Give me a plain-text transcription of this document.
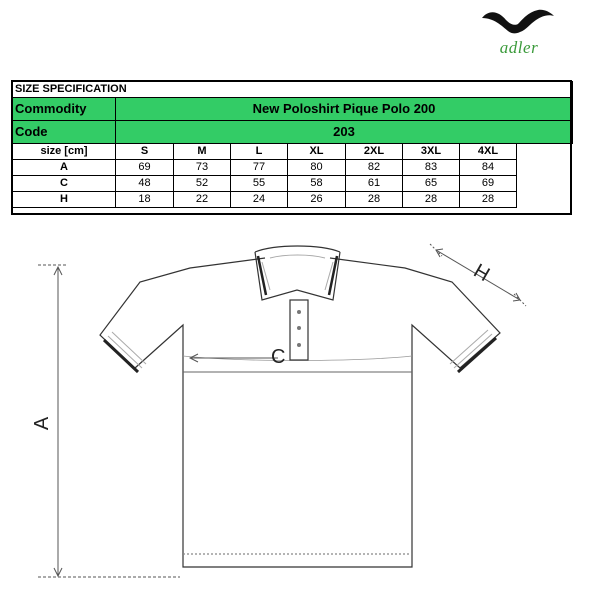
adler
SIZE SPECIFICATION							
Commodity	New Poloshirt Pique Polo 200						
Code	203						
size [cm]	S	M	L	XL	2XL	3XL	4XL
A	69	73	77	80	82	83	84
C	48	52	55	58	61	65	69
H	18	22	24	26	28	28	28
A
C
H
